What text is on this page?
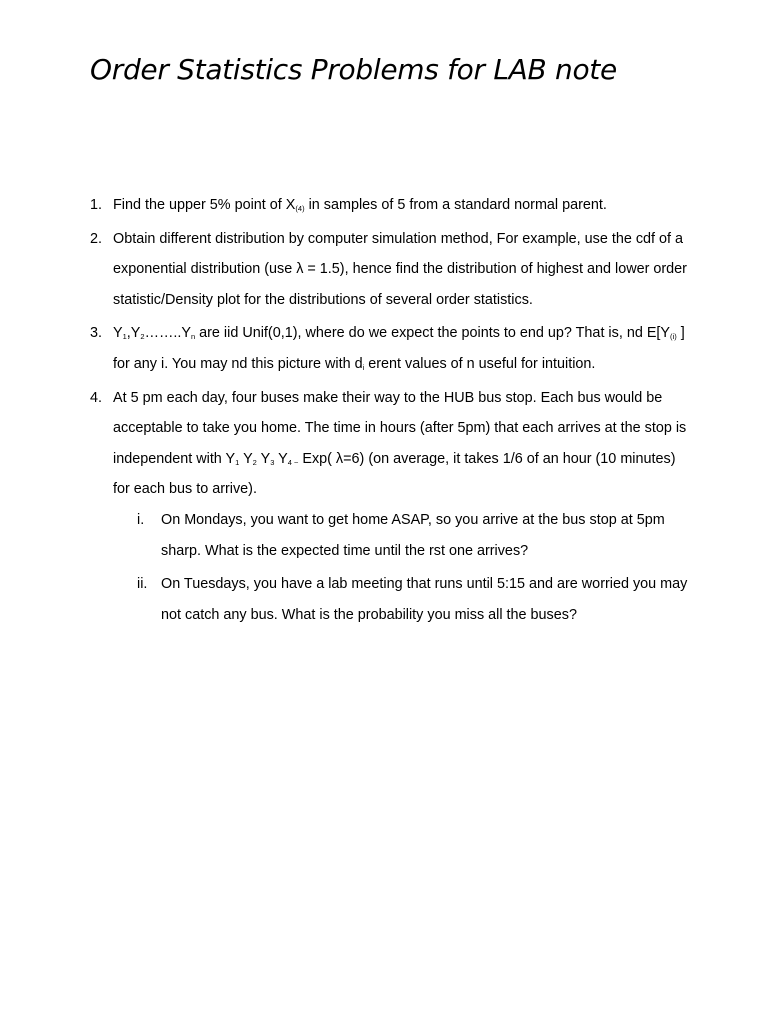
Order Statistics Problems for LAB note
1. Find the upper 5% point of $X_{(4)}$ in samples of 5 from a standard normal parent.
2. Obtain different distribution by computer simulation method, For example, use the cdf of a exponential distribution (use λ = 1.5), hence find the distribution of highest and lower order statistic/Density plot for the distributions of several order statistics.
3. $Y_1,Y_2\dots\dots..Y_n$ are iid Unif(0,1), where do we expect the points to end up? That is, nd $E[Y_{(i)}$ ] for any i. You may nd this picture with $d_i$ erent values of n useful for intuition.
4. At 5 pm each day, four buses make their way to the HUB bus stop. Each bus would be acceptable to take you home. The time in hours (after 5pm) that each arrives at the stop is independent with $Y_1$ $Y_2$ $Y_3$ $Y_{4 \sim}$ Exp( λ=6) (on average, it takes 1/6 of an hour (10 minutes) for each bus to arrive).
i. On Mondays, you want to get home ASAP, so you arrive at the bus stop at 5pm sharp. What is the expected time until the rst one arrives?
ii. On Tuesdays, you have a lab meeting that runs until 5:15 and are worried you may not catch any bus. What is the probability you miss all the buses?
